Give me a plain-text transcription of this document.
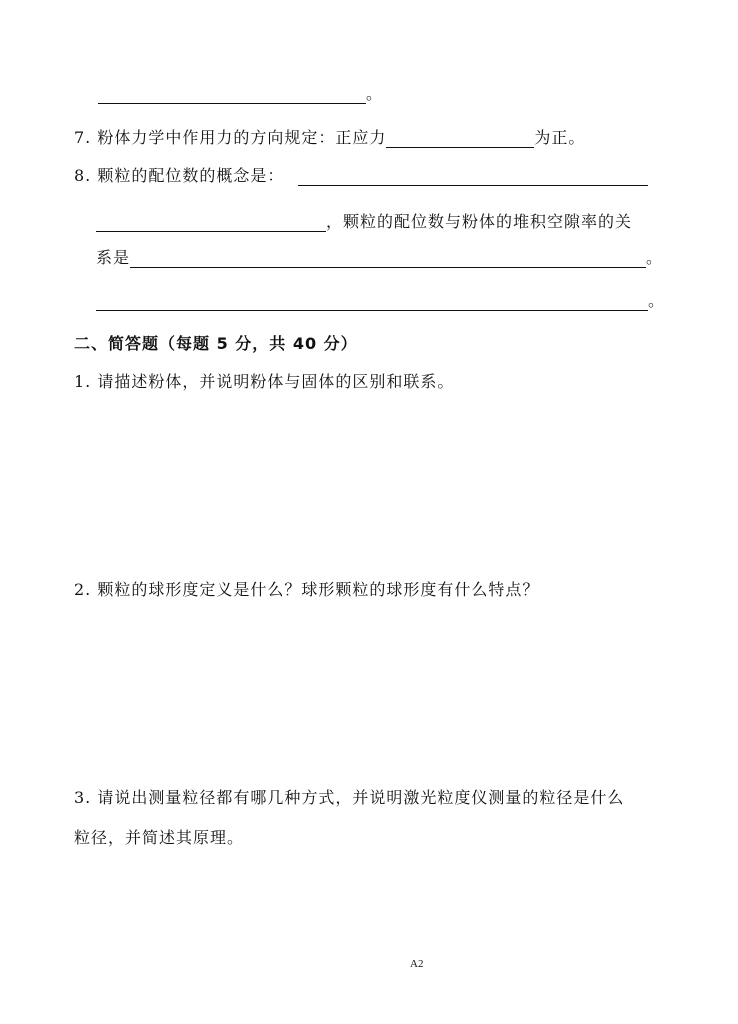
。
7. 粉体力学中作用力的方向规定：正应力	为正。
8. 颗粒的配位数的概念是：
，颗粒的配位数与粉体的堆积空隙率的关
系是	。
。
二、简答题（每题 5 分，共 40 分）
1. 请描述粉体，并说明粉体与固体的区别和联系。
2. 颗粒的球形度定义是什么？球形颗粒的球形度有什么特点？
3. 请说出测量粒径都有哪几种方式，并说明激光粒度仪测量的粒径是什么
粒径，并简述其原理。
A2
